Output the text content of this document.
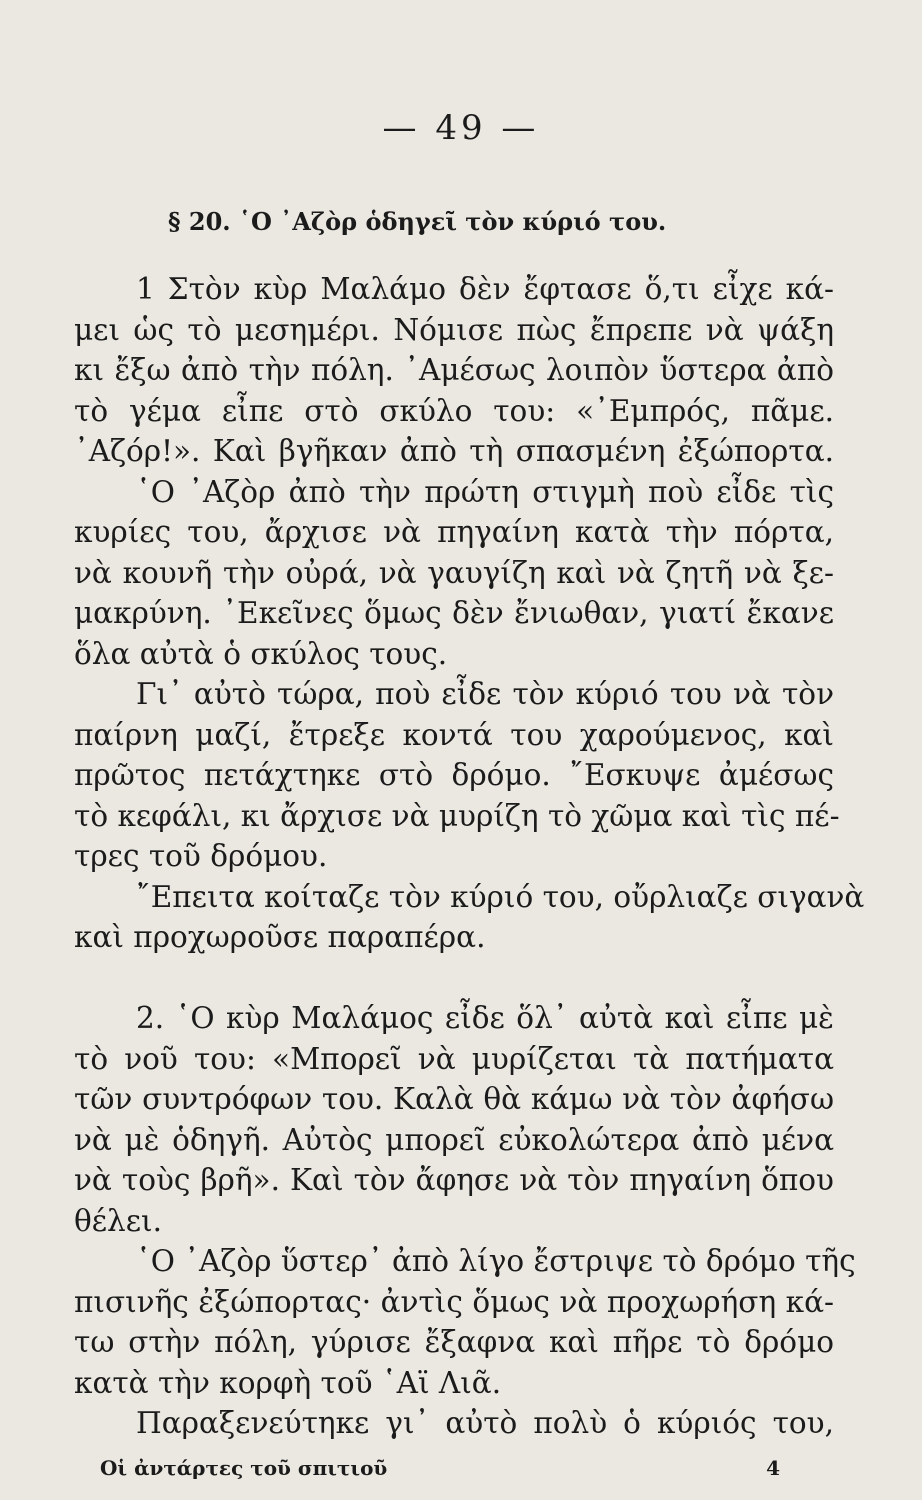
— 49 —
§ 20. ῾Ο ᾿Αζὸρ ὁδηγεῖ τὸν κύριό του.
1 Στὸν κὺρ Μαλάμο δὲν ἔφτασε ὅ,τι εἶχε κά-
μει ὡς τὸ μεσημέρι. Νόμισε πὼς ἔπρεπε νὰ ψάξη
κι ἔξω ἀπὸ τὴν πόλη. ᾿Αμέσως λοιπὸν ὕστερα ἀπὸ
τὸ γέμα εἶπε στὸ σκύλο του: «᾿Εμπρός, πᾶμε.
᾿Αζόρ!». Καὶ βγῆκαν ἀπὸ τὴ σπασμένη ἐξώπορτα.
῾Ο ᾿Αζὸρ ἀπὸ τὴν πρώτη στιγμὴ ποὺ εἶδε τὶς
κυρίες του, ἄρχισε νὰ πηγαίνη κατὰ τὴν πόρτα,
νὰ κουνῆ τὴν οὐρά, νὰ γαυγίζη καὶ νὰ ζητῆ νὰ ξε-
μακρύνη. ᾿Εκεῖνες ὅμως δὲν ἔνιωθαν, γιατί ἔκανε
ὅλα αὐτὰ ὁ σκύλος τους.
Γι᾿ αὐτὸ τώρα, ποὺ εἶδε τὸν κύριό του νὰ τὸν
παίρνη μαζί, ἔτρεξε κοντά του χαρούμενος, καὶ
πρῶτος πετάχτηκε στὸ δρόμο. ῎Εσκυψε ἀμέσως
τὸ κεφάλι, κι ἄρχισε νὰ μυρίζη τὸ χῶμα καὶ τὶς πέ-
τρες τοῦ δρόμου.
῎Επειτα κοίταζε τὸν κύριό του, οὔρλιαζε σιγανὰ
καὶ προχωροῦσε παραπέρα.
2. ῾Ο κὺρ Μαλάμος εἶδε ὅλ᾿ αὐτὰ καὶ εἶπε μὲ
τὸ νοῦ του: «Μπορεῖ νὰ μυρίζεται τὰ πατήματα
τῶν συντρόφων του. Καλὰ θὰ κάμω νὰ τὸν ἀφήσω
νὰ μὲ ὁδηγῆ. Αὐτὸς μπορεῖ εὐκολώτερα ἀπὸ μένα
νὰ τοὺς βρῆ». Καὶ τὸν ἄφησε νὰ τὸν πηγαίνη ὅπου
θέλει.
῾Ο ᾿Αζὸρ ὕστερ᾿ ἀπὸ λίγο ἔστριψε τὸ δρόμο τῆς
πισινῆς ἐξώπορτας· ἀντὶς ὅμως νὰ προχωρήση κά-
τω στὴν πόλη, γύρισε ἔξαφνα καὶ πῆρε τὸ δρόμο
κατὰ τὴν κορφὴ τοῦ ῾Αϊ Λιᾶ.
Παραξενεύτηκε γι᾿ αὐτὸ πολὺ ὁ κύριός του,
Οἱ ἀντάρτες τοῦ σπιτιοῦ	4
